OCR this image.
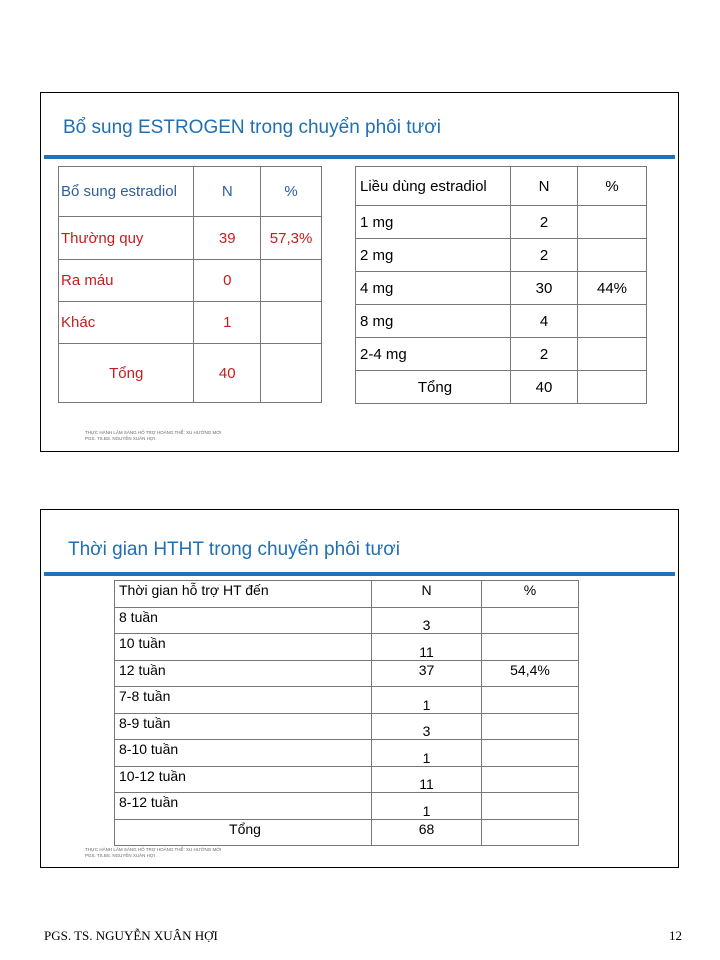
Bổ sung ESTROGEN trong chuyển phôi tươi
Bổ sung estradiol	N	%
Thường quy	39	57,3%
Ra máu	0	
Khác	1	
Tổng	40	
Liều dùng estradiol	N	%
1 mg	2	
2 mg	2	
4 mg	30	44%
8 mg	4	
2-4 mg	2	
Tổng	40	
THỰC HÀNH LÂM SÀNG HỖ TRỢ HOÀNG THỂ: XU HƯỚNG MỚI
PGS. TS.BS. NGUYỄN XUÂN HỢI
Thời gian HTHT trong chuyển phôi tươi
Thời gian hỗ trợ HT đến	N	%
8 tuần	3	
10 tuần	11	
12 tuần	37	54,4%
7-8 tuần	1	
8-9 tuần	3	
8-10 tuần	1	
10-12 tuần	11	
8-12 tuần	1	
Tổng	68	
THỰC HÀNH LÂM SÀNG HỖ TRỢ HOÀNG THỂ: XU HƯỚNG MỚI
PGS. TS.BS. NGUYỄN XUÂN HỢI
PGS. TS. NGUYỄN XUÂN HỢI	12
